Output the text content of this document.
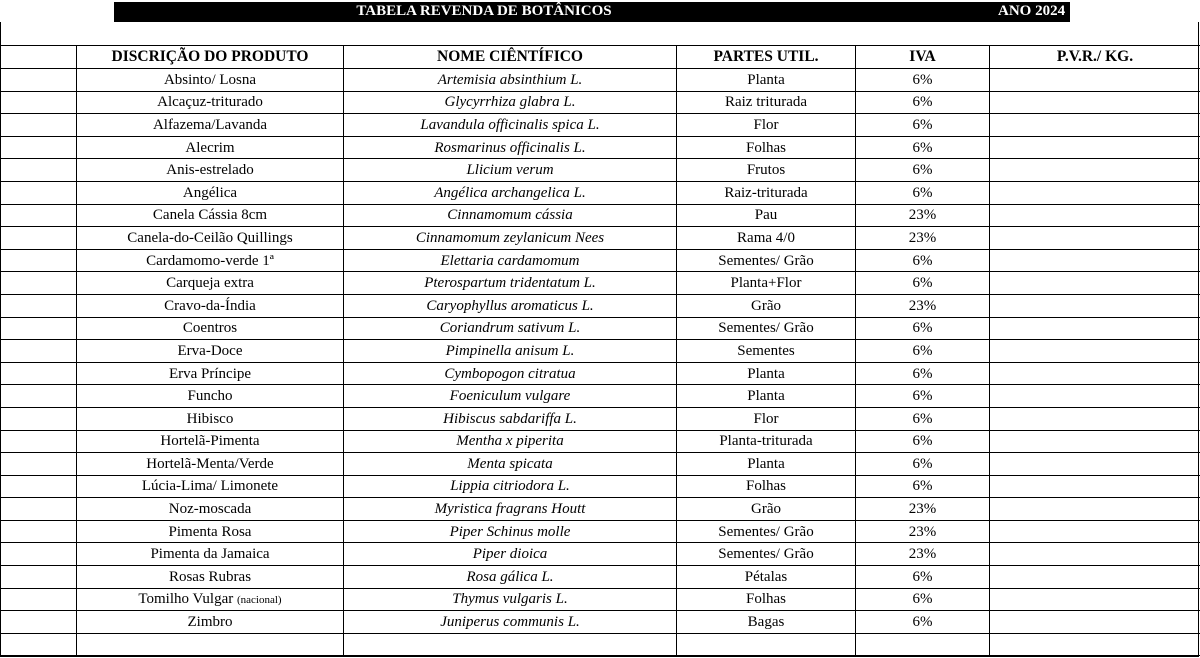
TABELA REVENDA DE BOTÂNICOS	ANO 2024
	DISCRIÇÃO DO PRODUTO	NOME CIÊNTÍFICO	PARTES UTIL.	IVA	P.V.R./ KG.
	Absinto/ Losna	Artemisia absinthium L.	Planta	6%	
	Alcaçuz-triturado	Glycyrrhiza glabra L.	Raiz triturada	6%	
	Alfazema/Lavanda	Lavandula officinalis spica L.	Flor	6%	
	Alecrim	Rosmarinus officinalis L.	Folhas	6%	
	Anis-estrelado	Llicium verum	Frutos	6%	
	Angélica	Angélica archangelica L.	Raiz-triturada	6%	
	Canela Cássia 8cm	Cinnamomum cássia	Pau	23%	
	Canela-do-Ceilão Quillings	Cinnamomum zeylanicum Nees	Rama 4/0	23%	
	Cardamomo-verde 1ª	Elettaria cardamomum	Sementes/ Grão	6%	
	Carqueja extra	Pterospartum tridentatum L.	Planta+Flor	6%	
	Cravo-da-Índia	Caryophyllus aromaticus L.	Grão	23%	
	Coentros	Coriandrum sativum L.	Sementes/ Grão	6%	
	Erva-Doce	Pimpinella anisum L.	Sementes	6%	
	Erva Príncipe	Cymbopogon citratua	Planta	6%	
	Funcho	Foeniculum vulgare	Planta	6%	
	Hibisco	Hibiscus sabdariffa L.	Flor	6%	
	Hortelã-Pimenta	Mentha x piperita	Planta-triturada	6%	
	Hortelã-Menta/Verde	Menta spicata	Planta	6%	
	Lúcia-Lima/ Limonete	Lippia citriodora L.	Folhas	6%	
	Noz-moscada	Myristica fragrans Houtt	Grão	23%	
	Pimenta Rosa	Piper Schinus molle	Sementes/ Grão	23%	
	Pimenta da Jamaica	Piper dioica	Sementes/ Grão	23%	
	Rosas Rubras	Rosa gálica L.	Pétalas	6%	
	Tomilho Vulgar (nacional)	Thymus vulgaris L.	Folhas	6%	
	Zimbro	Juniperus communis L.	Bagas	6%	
